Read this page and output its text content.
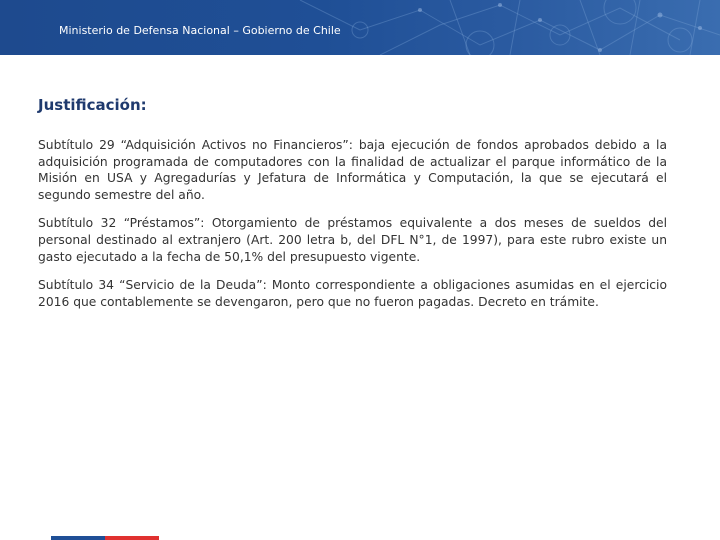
Ministerio de Defensa Nacional – Gobierno de Chile
Justificación:

Subtítulo 29 “Adquisición Activos no Financieros”: baja ejecución de fondos aprobados debido a la adquisición programada de computadores con la finalidad de actualizar el parque informático de la Misión en USA y Agregadurías y Jefatura de Informática y Computación, la que se ejecutará el segundo semestre del año.

Subtítulo 32 “Préstamos”: Otorgamiento de préstamos equivalente a dos meses de sueldos del personal destinado al extranjero (Art. 200 letra b, del DFL N°1, de 1997), para este rubro existe un gasto ejecutado a la fecha de 50,1% del presupuesto vigente.

Subtítulo 34 “Servicio de la Deuda”: Monto correspondiente a obligaciones asumidas en el ejercicio 2016 que contablemente se devengaron, pero que no fueron pagadas. Decreto en trámite.
